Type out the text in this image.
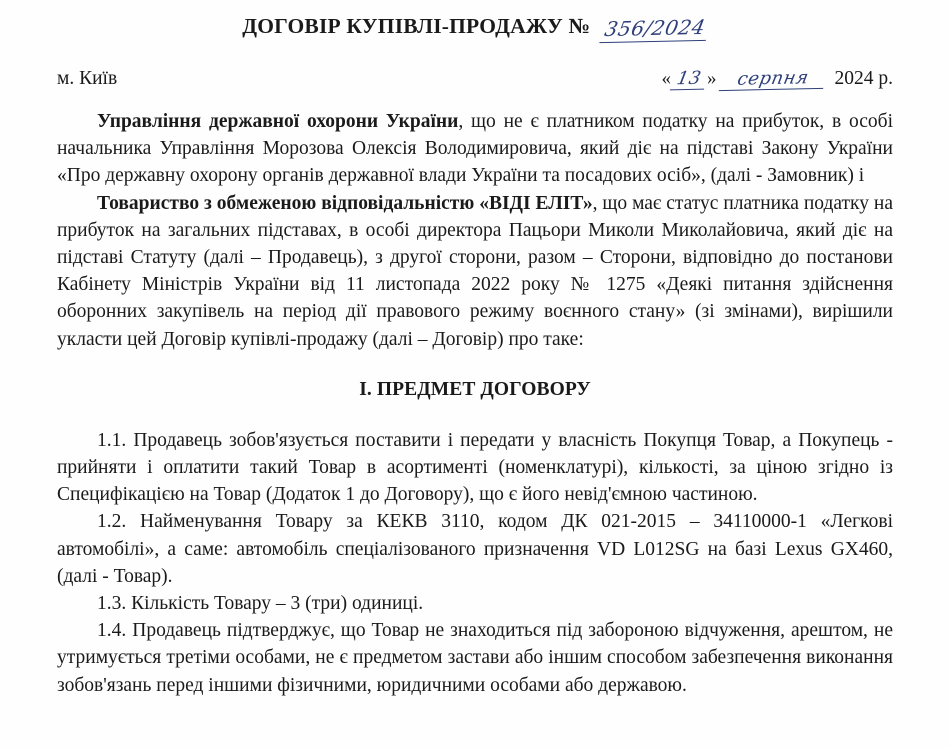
ДОГОВІР КУПІВЛІ-ПРОДАЖУ № 356/2024
м. Київ	« 13 » серпня 2024 р.

Управління державної охорони України, що не є платником податку на прибуток, в особі начальника Управління Морозова Олексія Володимировича, який діє на підставі Закону України «Про державну охорону органів державної влади України та посадових осіб», (далі - Замовник) і

Товариство з обмеженою відповідальністю «ВІДІ ЕЛІТ», що має статус платника податку на прибуток на загальних підставах, в особі директора Пацьори Миколи Миколайовича, який діє на підставі Статуту (далі – Продавець), з другої сторони, разом – Сторони, відповідно до постанови Кабінету Міністрів України від 11 листопада 2022 року № 1275 «Деякі питання здійснення оборонних закупівель на період дії правового режиму воєнного стану» (зі змінами), вирішили укласти цей Договір купівлі-продажу (далі – Договір) про таке:

І. ПРЕДМЕТ ДОГОВОРУ

1.1. Продавець зобов'язується поставити і передати у власність Покупця Товар, а Покупець - прийняти і оплатити такий Товар в асортименті (номенклатурі), кількості, за ціною згідно із Специфікацією на Товар (Додаток 1 до Договору), що є його невід'ємною частиною.

1.2. Найменування Товару за КЕКВ 3110, кодом ДК 021-2015 – 34110000-1 «Легкові автомобілі», а саме: автомобіль спеціалізованого призначення VD L012SG на базі Lexus GX460, (далі - Товар).

1.3. Кількість Товару – 3 (три) одиниці.

1.4. Продавець підтверджує, що Товар не знаходиться під забороною відчуження, арештом, не утримується третіми особами, не є предметом застави або іншим способом забезпечення виконання зобов'язань перед іншими фізичними, юридичними особами або державою.
